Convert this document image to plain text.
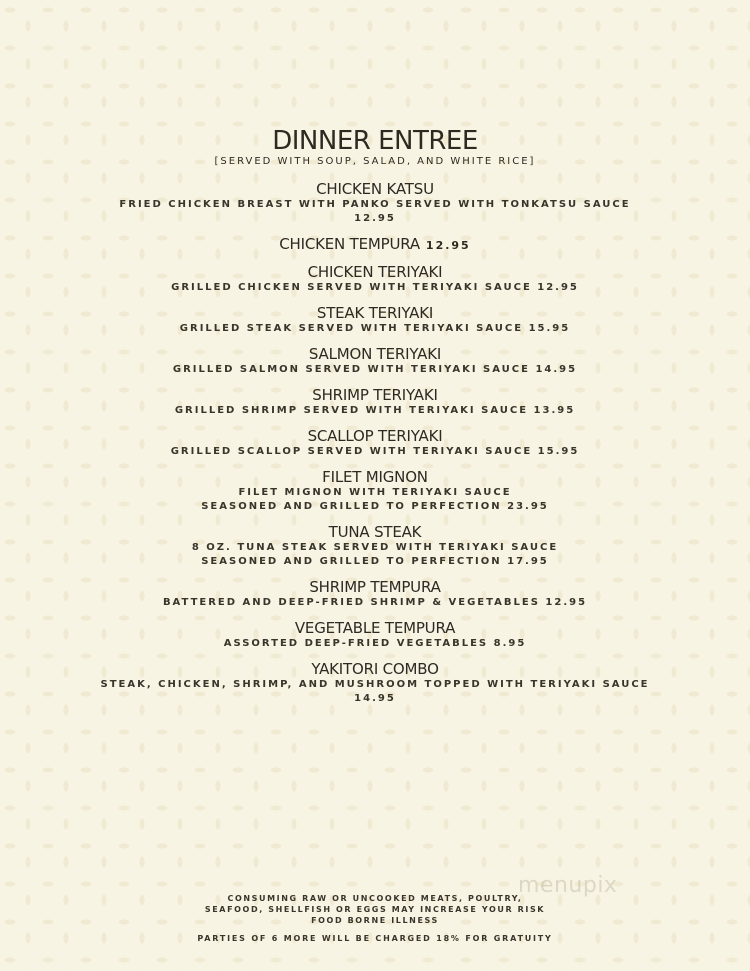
DINNER ENTREE
[SERVED WITH SOUP, SALAD, AND WHITE RICE]
CHICKEN KATSU
FRIED CHICKEN BREAST WITH PANKO SERVED WITH TONKATSU SAUCE
12.95
CHICKEN TEMPURA 12.95
CHICKEN TERIYAKI
GRILLED CHICKEN SERVED WITH TERIYAKI SAUCE 12.95
STEAK TERIYAKI
GRILLED STEAK SERVED WITH TERIYAKI SAUCE 15.95
SALMON TERIYAKI
GRILLED SALMON SERVED WITH TERIYAKI SAUCE 14.95
SHRIMP TERIYAKI
GRILLED SHRIMP SERVED WITH TERIYAKI SAUCE 13.95
SCALLOP TERIYAKI
GRILLED SCALLOP SERVED WITH TERIYAKI SAUCE 15.95
FILET MIGNON
FILET MIGNON WITH TERIYAKI SAUCE
SEASONED AND GRILLED TO PERFECTION 23.95
TUNA STEAK
8 OZ. TUNA STEAK SERVED WITH TERIYAKI SAUCE
SEASONED AND GRILLED TO PERFECTION 17.95
SHRIMP TEMPURA
BATTERED AND DEEP-FRIED SHRIMP & VEGETABLES 12.95
VEGETABLE TEMPURA
ASSORTED DEEP-FRIED VEGETABLES 8.95
YAKITORI COMBO
STEAK, CHICKEN, SHRIMP, AND MUSHROOM TOPPED WITH TERIYAKI SAUCE
14.95
menupix
CONSUMING RAW OR UNCOOKED MEATS, POULTRY,
SEAFOOD, SHELLFISH OR EGGS MAY INCREASE YOUR RISK
FOOD BORNE ILLNESS
PARTIES OF 6 MORE WILL BE CHARGED 18% FOR GRATUITY
